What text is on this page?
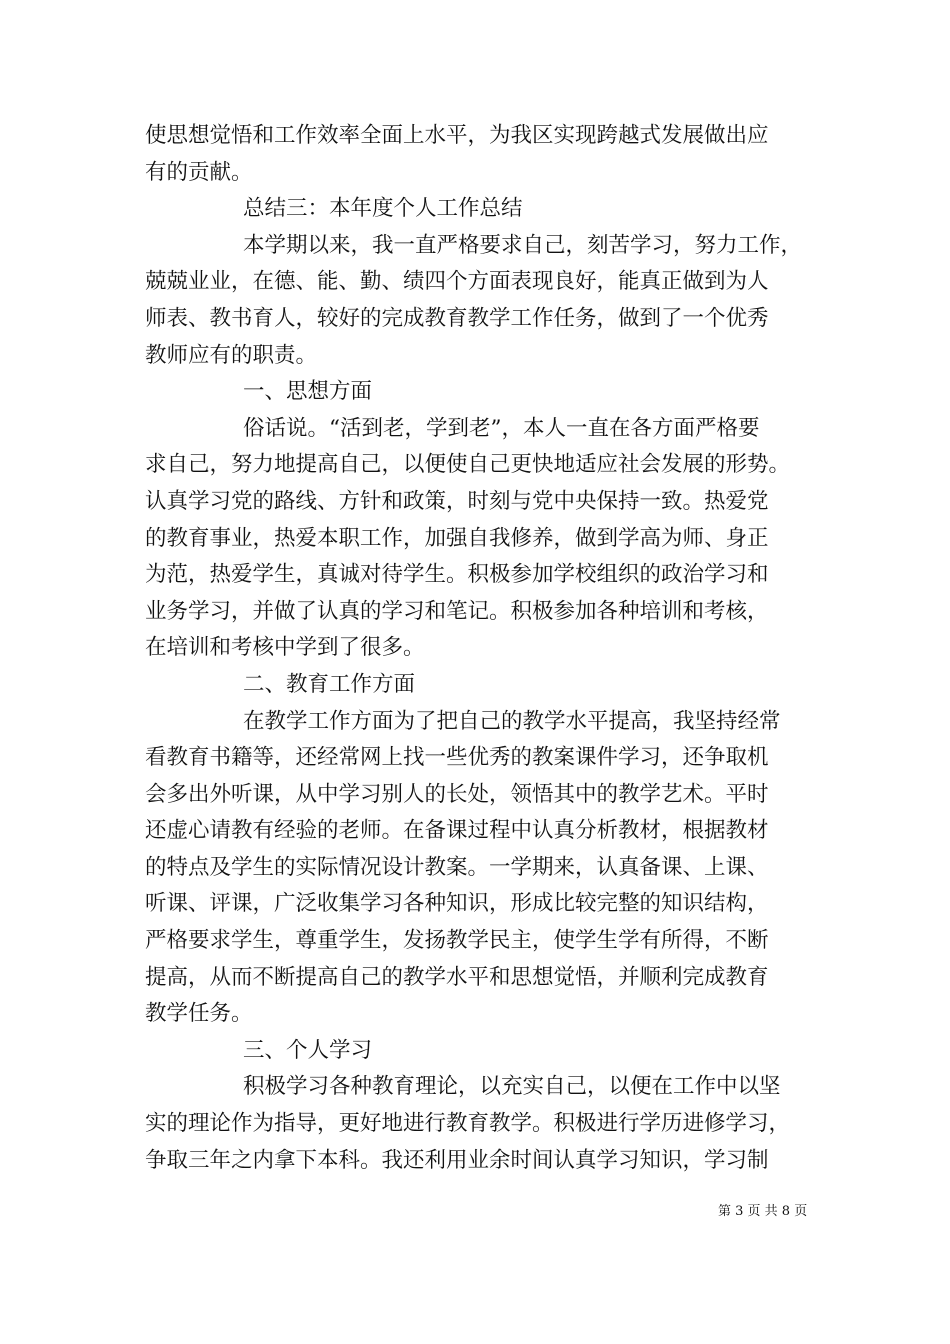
使思想觉悟和工作效率全面上水平，为我区实现跨越式发展做出应
有的贡献。
总结三：本年度个人工作总结
本学期以来，我一直严格要求自己，刻苦学习，努力工作，
兢兢业业，在德、能、勤、绩四个方面表现良好，能真正做到为人
师表、教书育人，较好的完成教育教学工作任务，做到了一个优秀
教师应有的职责。
一、思想方面
俗话说。“活到老，学到老”，本人一直在各方面严格要
求自己，努力地提高自己，以便使自己更快地适应社会发展的形势。
认真学习党的路线、方针和政策，时刻与党中央保持一致。热爱党
的教育事业，热爱本职工作，加强自我修养，做到学高为师、身正
为范，热爱学生，真诚对待学生。积极参加学校组织的政治学习和
业务学习，并做了认真的学习和笔记。积极参加各种培训和考核，
在培训和考核中学到了很多。
二、教育工作方面
在教学工作方面为了把自己的教学水平提高，我坚持经常
看教育书籍等，还经常网上找一些优秀的教案课件学习，还争取机
会多出外听课，从中学习别人的长处，领悟其中的教学艺术。平时
还虚心请教有经验的老师。在备课过程中认真分析教材，根据教材
的特点及学生的实际情况设计教案。一学期来，认真备课、上课、
听课、评课，广泛收集学习各种知识，形成比较完整的知识结构，
严格要求学生，尊重学生，发扬教学民主，使学生学有所得，不断
提高，从而不断提高自己的教学水平和思想觉悟，并顺利完成教育
教学任务。
三、个人学习
积极学习各种教育理论，以充实自己，以便在工作中以坚
实的理论作为指导，更好地进行教育教学。积极进行学历进修学习，
争取三年之内拿下本科。我还利用业余时间认真学习知识，学习制
第 3 页 共 8 页
